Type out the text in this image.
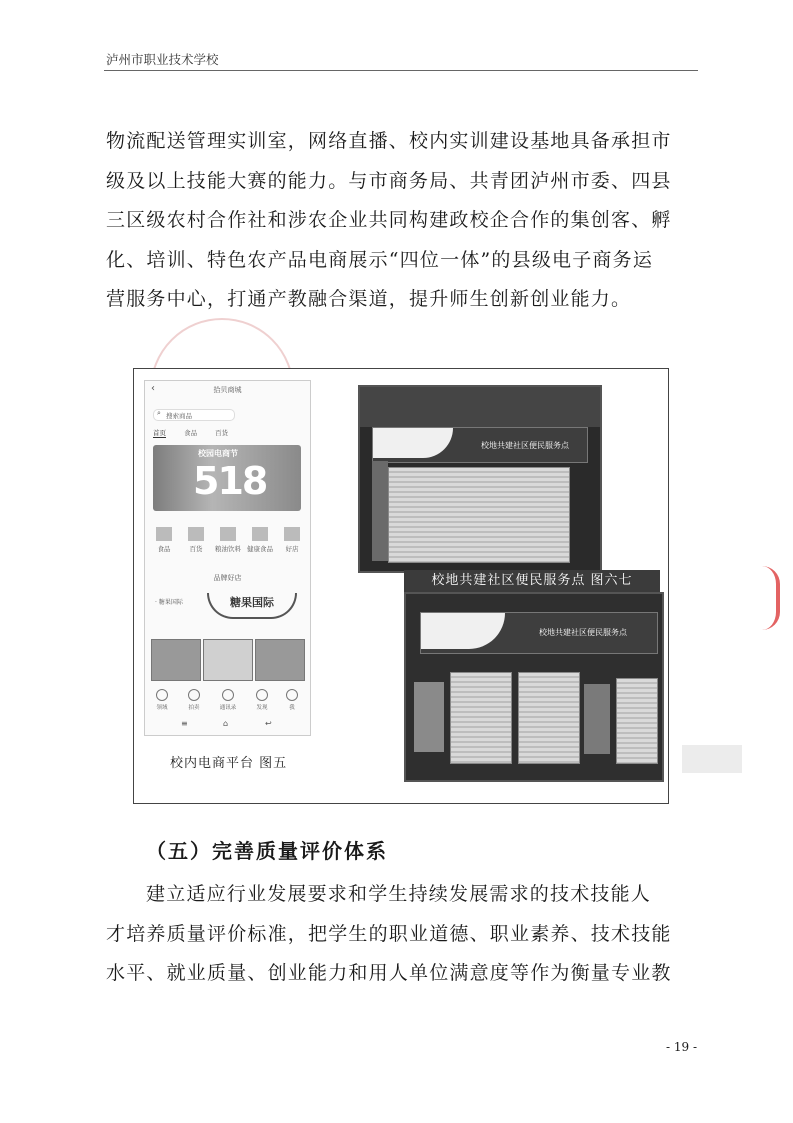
泸州市职业技术学校
物流配送管理实训室，网络直播、校内实训建设基地具备承担市
级及以上技能大赛的能力。与市商务局、共青团泸州市委、四县
三区级农村合作社和涉农企业共同构建政校企合作的集创客、孵
化、培训、特色农产品电商展示“四位一体”的县级电子商务运
营服务中心，打通产教融合渠道，提升师生创新创业能力。
‹	拾贝商城
⌕ 搜索商品
首页	食品	百货
校园电商节
518
食品	百货	粮油饮料 健康食品	好店
品牌好店
· 糖果国际	糖果国际
领域	拍卖	通讯录	发现	我
≡	⌂	↩
校内电商平台 图五
校地共建社区便民服务点
校地共建社区便民服务点 图六七
校地共建社区便民服务点
（五）完善质量评价体系
建立适应行业发展要求和学生持续发展需求的技术技能人
才培养质量评价标准，把学生的职业道德、职业素养、技术技能
水平、就业质量、创业能力和用人单位满意度等作为衡量专业教
- 19 -
